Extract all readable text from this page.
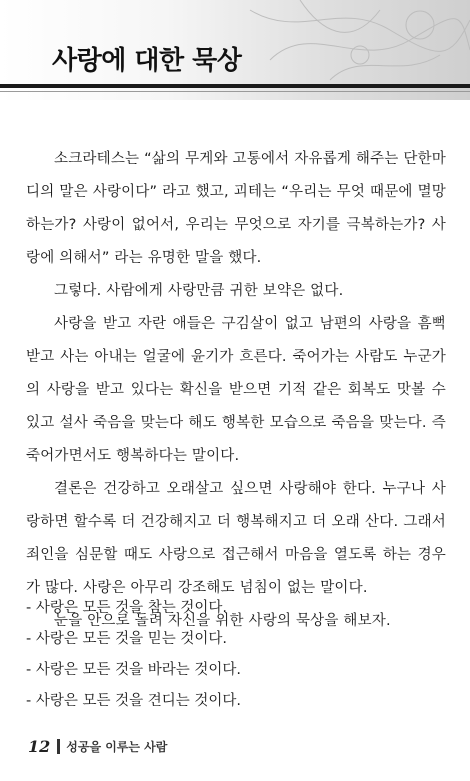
사랑에 대한 묵상

소크라테스는 “삶의 무게와 고통에서 자유롭게 해주는 단한마디의 말은 사랑이다” 라고 했고, 괴테는 “우리는 무엇 때문에 멸망하는가? 사랑이 없어서, 우리는 무엇으로 자기를 극복하는가? 사랑에 의해서” 라는 유명한 말을 했다.

그렇다. 사람에게 사랑만큼 귀한 보약은 없다.

사랑을 받고 자란 애들은 구김살이 없고 남편의 사랑을 흠뻑 받고 사는 아내는 얼굴에 윤기가 흐른다. 죽어가는 사람도 누군가의 사랑을 받고 있다는 확신을 받으면 기적 같은 회복도 맛볼 수 있고 설사 죽음을 맞는다 해도 행복한 모습으로 죽음을 맞는다. 즉 죽어가면서도 행복하다는 말이다.

결론은 건강하고 오래살고 싶으면 사랑해야 한다. 누구나 사랑하면 할수록 더 건강해지고 더 행복해지고 더 오래 산다. 그래서 죄인을 심문할 때도 사랑으로 접근해서 마음을 열도록 하는 경우가 많다. 사랑은 아무리 강조해도 넘침이 없는 말이다.

눈을 안으로 돌려 자신을 위한 사랑의 묵상을 해보자.

- 사랑은 모든 것을 참는 것이다.
- 사랑은 모든 것을 믿는 것이다.
- 사랑은 모든 것을 바라는 것이다.
- 사랑은 모든 것을 견디는 것이다.
12 성공을 이루는 사람
